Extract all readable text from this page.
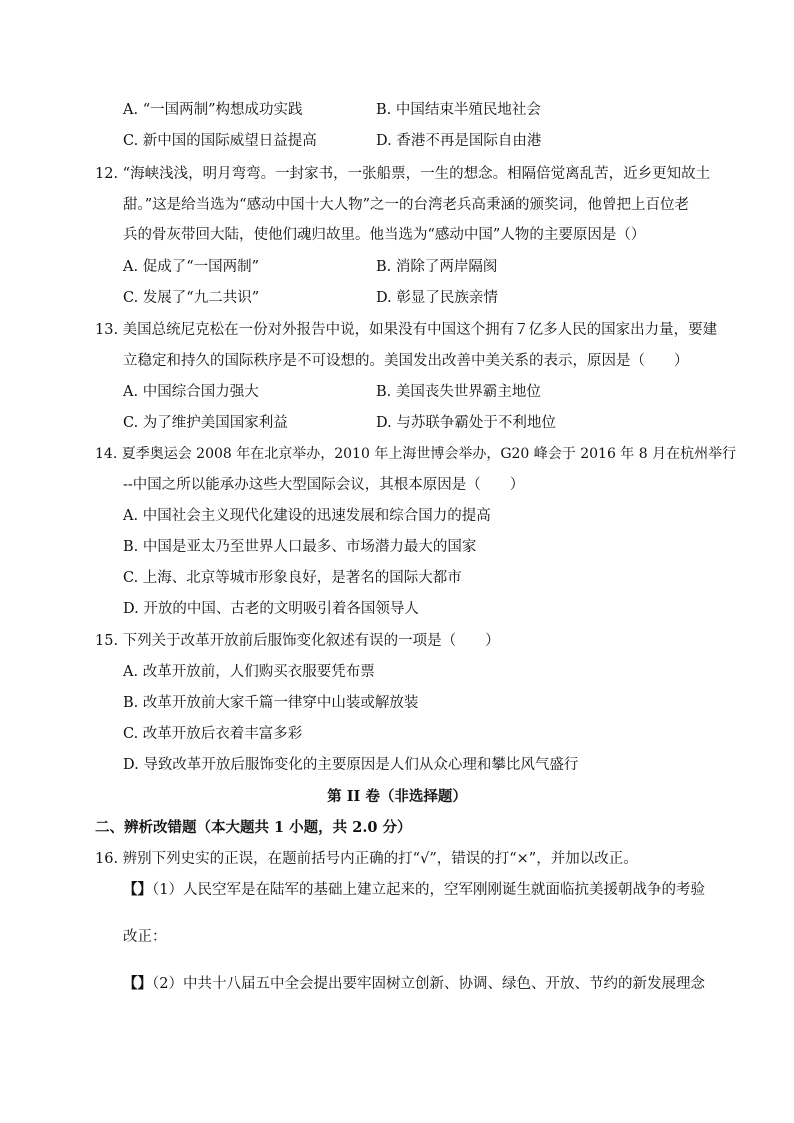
A. “一国两制”构想成功实践	B. 中国结束半殖民地社会
C. 新中国的国际威望日益提高	D. 香港不再是国际自由港
12. “海峡浅浅，明月弯弯。一封家书，一张船票，一生的想念。相隔倍觉离乱苦，近乡更知故土
甜。”这是给当选为“感动中国十大人物”之一的台湾老兵高秉涵的颁奖词，他曾把上百位老
兵的骨灰带回大陆，使他们魂归故里。他当选为“感动中国”人物的主要原因是（）
A. 促成了“一国两制”	B. 消除了两岸隔阂
C. 发展了“九二共识”	D. 彰显了民族亲情
13. 美国总统尼克松在一份对外报告中说，如果没有中国这个拥有７亿多人民的国家出力量，要建
立稳定和持久的国际秩序是不可设想的。美国发出改善中美关系的表示，原因是（　　）
A. 中国综合国力强大	B. 美国丧失世界霸主地位
C. 为了维护美国国家利益	D. 与苏联争霸处于不利地位
14. 夏季奥运会 2008 年在北京举办，2010 年上海世博会举办，G20 峰会于 2016 年 8 月在杭州举行
--中国之所以能承办这些大型国际会议，其根本原因是（　　）
A. 中国社会主义现代化建设的迅速发展和综合国力的提高
B. 中国是亚太乃至世界人口最多、市场潜力最大的国家
C. 上海、北京等城市形象良好，是著名的国际大都市
D. 开放的中国、古老的文明吸引着各国领导人
15. 下列关于改革开放前后服饰变化叙述有误的一项是（　　）
A. 改革开放前，人们购买衣服要凭布票
B. 改革开放前大家千篇一律穿中山装或解放装
C. 改革开放后衣着丰富多彩
D. 导致改革开放后服饰变化的主要原因是人们从众心理和攀比风气盛行
第 II 卷（非选择题）
二、辨析改错题（本大题共 1 小题，共 2.0 分）
16. 辨别下列史实的正误，在题前括号内正确的打“√”，错误的打“×”，并加以改正。
【】（1）人民空军是在陆军的基础上建立起来的，空军刚刚诞生就面临抗美援朝战争的考验
改正：
【】（2）中共十八届五中全会提出要牢固树立创新、协调、绿色、开放、节约的新发展理念
